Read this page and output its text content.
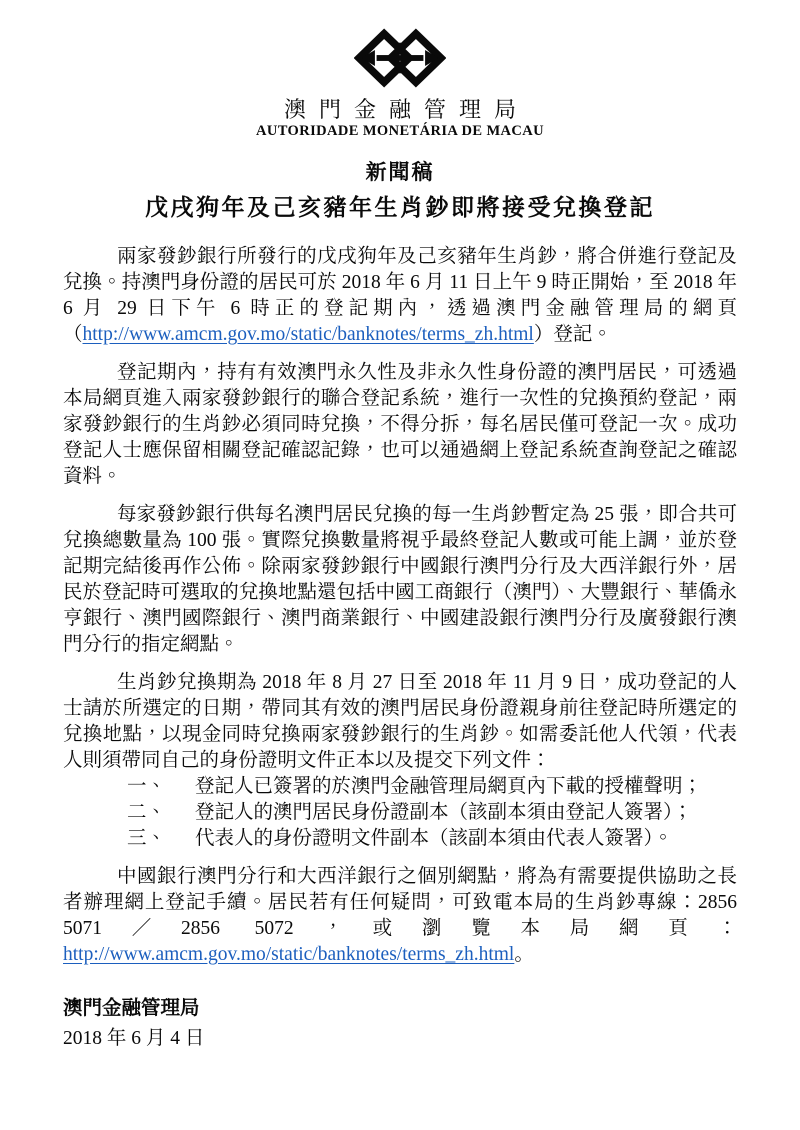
澳門金融管理局
AUTORIDADE MONETÁRIA DE MACAU
新聞稿
戊戌狗年及己亥豬年生肖鈔即將接受兌換登記

兩家發鈔銀行所發行的戊戌狗年及己亥豬年生肖鈔，將合併進行登記及兌換。持澳門身份證的居民可於 2018 年 6 月 11 日上午 9 時正開始，至 2018 年 6 月 29 日下午 6 時正的登記期內，透過澳門金融管理局的網頁（http://www.amcm.gov.mo/static/banknotes/terms_zh.html）登記。

登記期內，持有有效澳門永久性及非永久性身份證的澳門居民，可透過本局網頁進入兩家發鈔銀行的聯合登記系統，進行一次性的兌換預約登記，兩家發鈔銀行的生肖鈔必須同時兌換，不得分拆，每名居民僅可登記一次。成功登記人士應保留相關登記確認記錄，也可以通過網上登記系統查詢登記之確認資料。

每家發鈔銀行供每名澳門居民兌換的每一生肖鈔暫定為 25 張，即合共可兌換總數量為 100 張。實際兌換數量將視乎最終登記人數或可能上調，並於登記期完結後再作公佈。除兩家發鈔銀行中國銀行澳門分行及大西洋銀行外，居民於登記時可選取的兌換地點還包括中國工商銀行（澳門）、大豐銀行、華僑永亨銀行、澳門國際銀行、澳門商業銀行、中國建設銀行澳門分行及廣發銀行澳門分行的指定網點。

生肖鈔兌換期為 2018 年 8 月 27 日至 2018 年 11 月 9 日，成功登記的人士請於所選定的日期，帶同其有效的澳門居民身份證親身前往登記時所選定的兌換地點，以現金同時兌換兩家發鈔銀行的生肖鈔。如需委託他人代領，代表人則須帶同自己的身份證明文件正本以及提交下列文件：

一、	登記人已簽署的於澳門金融管理局網頁內下載的授權聲明；
二、	登記人的澳門居民身份證副本（該副本須由登記人簽署）；
三、	代表人的身份證明文件副本（該副本須由代表人簽署）。

中國銀行澳門分行和大西洋銀行之個別網點，將為有需要提供協助之長者辦理網上登記手續。居民若有任何疑問，可致電本局的生肖鈔專線：2856 5071／2856 5072，或瀏覽本局網頁：http://www.amcm.gov.mo/static/banknotes/terms_zh.html。

澳門金融管理局
2018 年 6 月 4 日
